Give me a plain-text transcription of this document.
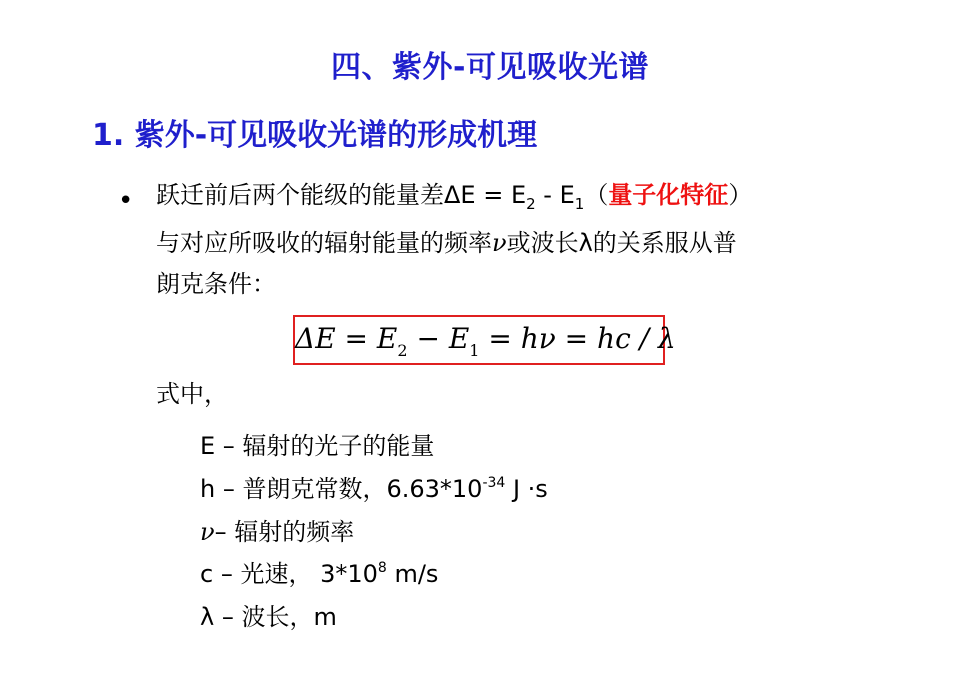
四、紫外-可见吸收光谱
1. 紫外-可见吸收光谱的形成机理
• 跃迁前后两个能级的能量差$\Delta E = E_2 - E_1$（量子化特征）
与对应所吸收的辐射能量的频率ν或波长λ的关系服从普
朗克条件：
$\Delta E = E_2 - E_1 = h\nu$ = hc / λ
式中，
E – 辐射的光子的能量
h – 普朗克常数，$6.63*10^{-34}$ J ·s
ν– 辐射的频率
c – 光速， $3*10^8$ m/s
λ – 波长，m
